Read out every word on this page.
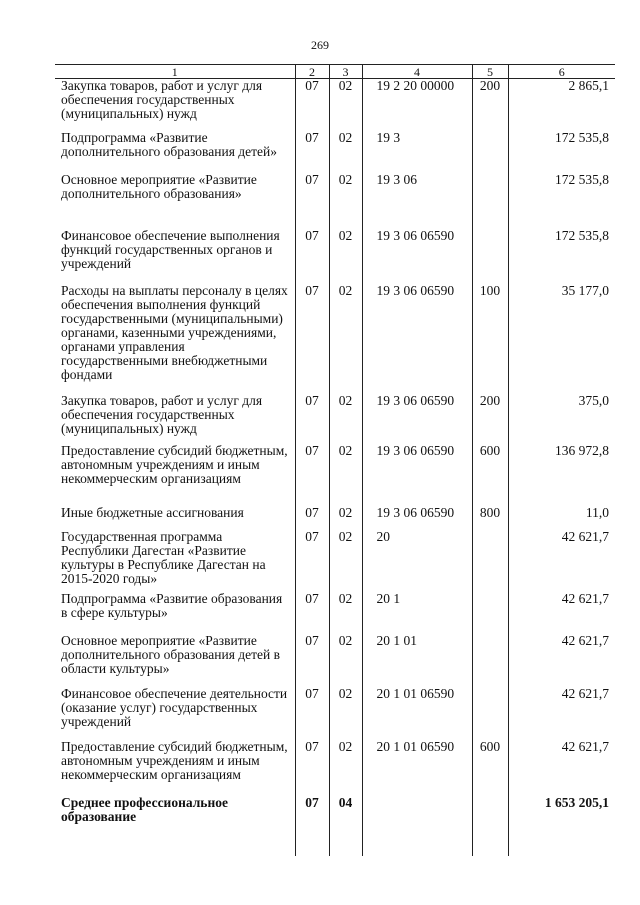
269
1	2	3	4	5	6
Закупка товаров, работ и услуг для обеспечения государственных (муниципальных) нужд	07	02	19 2 20 00000	200	2 865,1
Подпрограмма «Развитие дополнительного образования детей»	07	02	19 3		172 535,8
Основное мероприятие «Развитие дополнительного образования»	07	02	19 3 06		172 535,8
Финансовое обеспечение выполнения функций государственных органов и учреждений	07	02	19 3 06 06590		172 535,8
Расходы на выплаты персоналу в целях обеспечения выполнения функций государственными (муниципальными) органами, казенными учреждениями, органами управления государственными внебюджетными фондами	07	02	19 3 06 06590	100	35 177,0
Закупка товаров, работ и услуг для обеспечения государственных (муниципальных) нужд	07	02	19 3 06 06590	200	375,0
Предоставление субсидий бюджетным, автономным учреждениям и иным некоммерческим организациям	07	02	19 3 06 06590	600	136 972,8
Иные бюджетные ассигнования	07	02	19 3 06 06590	800	11,0
Государственная программа Республики Дагестан «Развитие культуры в Республике Дагестан на 2015-2020 годы»	07	02	20		42 621,7
Подпрограмма «Развитие образования в сфере культуры»	07	02	20 1		42 621,7
Основное мероприятие «Развитие дополнительного образования детей в области культуры»	07	02	20 1 01		42 621,7
Финансовое обеспечение деятельности (оказание услуг) государственных учреждений	07	02	20 1 01 06590		42 621,7
Предоставление субсидий бюджетным, автономным учреждениям и иным некоммерческим организациям	07	02	20 1 01 06590	600	42 621,7
Среднее профессиональное образование	07	04			1 653 205,1
